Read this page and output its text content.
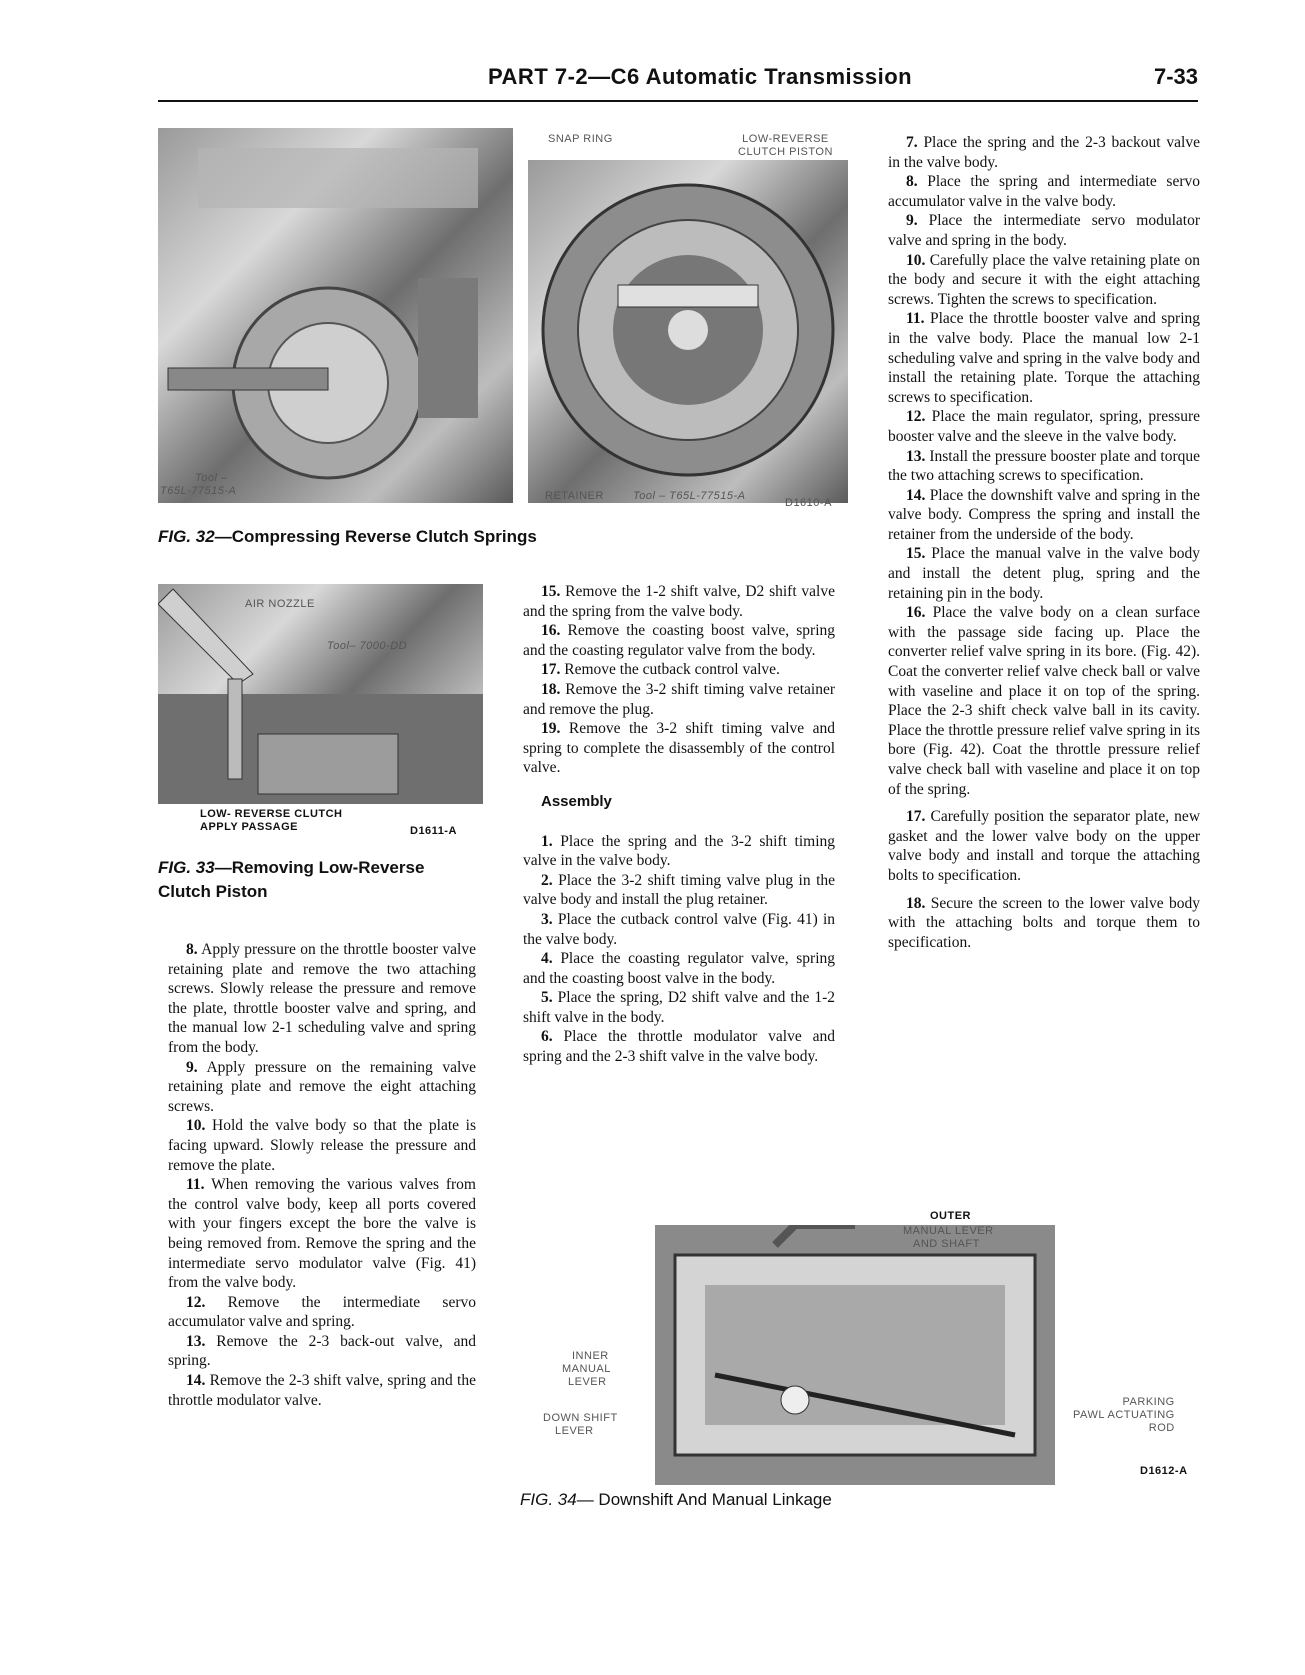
PART 7-2—C6 Automatic Transmission	7-33
SNAP RING	LOW-REVERSE
CLUTCH PISTON
Tool –
T65L-77515-A	RETAINER	Tool – T65L-77515-A
D1610-A
FIG. 32—Compressing Reverse Clutch Springs
AIR NOZZLE
Tool– 7000-DD
LOW- REVERSE CLUTCH
APPLY PASSAGE	D1611-A
FIG. 33—Removing Low-Reverse
Clutch Piston

8. Apply pressure on the throttle booster valve retaining plate and remove the two attaching screws. Slowly release the pressure and remove the plate, throttle booster valve and spring, and the manual low 2-1 scheduling valve and spring from the body.

9. Apply pressure on the remaining valve retaining plate and remove the eight attaching screws.

10. Hold the valve body so that the plate is facing upward. Slowly release the pressure and remove the plate.

11. When removing the various valves from the control valve body, keep all ports covered with your fingers except the bore the valve is being removed from. Remove the spring and the intermediate servo modulator valve (Fig. 41) from the valve body.

12. Remove the intermediate servo accumulator valve and spring.

13. Remove the 2-3 back-out valve, and spring.

14. Remove the 2-3 shift valve, spring and the throttle modulator valve.

15. Remove the 1-2 shift valve, D2 shift valve and the spring from the valve body.

16. Remove the coasting boost valve, spring and the coasting regulator valve from the body.

17. Remove the cutback control valve.

18. Remove the 3-2 shift timing valve retainer and remove the plug.

19. Remove the 3-2 shift timing valve and spring to complete the disassembly of the control valve.

Assembly

1. Place the spring and the 3-2 shift timing valve in the valve body.

2. Place the 3-2 shift timing valve plug in the valve body and install the plug retainer.

3. Place the cutback control valve (Fig. 41) in the valve body.

4. Place the coasting regulator valve, spring and the coasting boost valve in the body.

5. Place the spring, D2 shift valve and the 1-2 shift valve in the body.

6. Place the throttle modulator valve and spring and the 2-3 shift valve in the valve body.

7. Place the spring and the 2-3 backout valve in the valve body.

8. Place the spring and intermediate servo accumulator valve in the valve body.

9. Place the intermediate servo modulator valve and spring in the body.

10. Carefully place the valve retaining plate on the body and secure it with the eight attaching screws. Tighten the screws to specification.

11. Place the throttle booster valve and spring in the valve body. Place the manual low 2-1 scheduling valve and spring in the valve body and install the retaining plate. Torque the attaching screws to specification.

12. Place the main regulator, spring, pressure booster valve and the sleeve in the valve body.

13. Install the pressure booster plate and torque the two attaching screws to specification.

14. Place the downshift valve and spring in the valve body. Compress the spring and install the retainer from the underside of the body.

15. Place the manual valve in the valve body and install the detent plug, spring and the retaining pin in the body.

16. Place the valve body on a clean surface with the passage side facing up. Place the converter relief valve spring in its bore. (Fig. 42). Coat the converter relief valve check ball or valve with vaseline and place it on top of the spring. Place the 2-3 shift check valve ball in its cavity. Place the throttle pressure relief valve spring in its bore (Fig. 42). Coat the throttle pressure relief valve check ball with vaseline and place it on top of the spring.

17. Carefully position the separator plate, new gasket and the lower valve body on the upper valve body and install and torque the attaching bolts to specification.

18. Secure the screen to the lower valve body with the attaching bolts and torque them to specification.

OUTER
MANUAL LEVER
AND SHAFT
INNER
MANUAL
LEVER
DOWN SHIFT
LEVER
PARKING
PAWL ACTUATING
ROD
D1612-A
FIG. 34— Downshift And Manual Linkage
